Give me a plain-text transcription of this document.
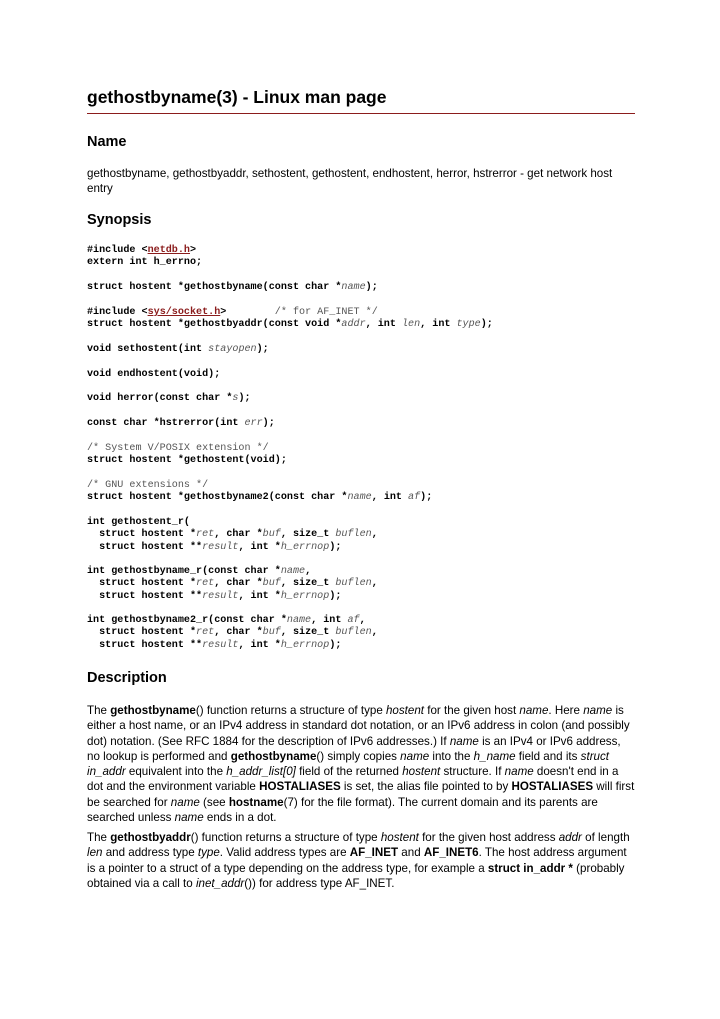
gethostbyname(3) - Linux man page
Name

gethostbyname, gethostbyaddr, sethostent, gethostent, endhostent, herror, hstrerror - get network host entry

Synopsis
#include <netdb.h>
extern int h_errno;
struct hostent *gethostbyname(const char *name);
#include <sys/socket.h>        /* for AF_INET */
struct hostent *gethostbyaddr(const void *addr, int len, int type);
void sethostent(int stayopen);
void endhostent(void);
void herror(const char *s);
const char *hstrerror(int err);
/* System V/POSIX extension */
struct hostent *gethostent(void);
/* GNU extensions */
struct hostent *gethostbyname2(const char *name, int af);
int gethostent_r(
struct hostent *ret, char *buf, size_t buflen,
struct hostent **result, int *h_errnop);
int gethostbyname_r(const char *name,
struct hostent *ret, char *buf, size_t buflen,
struct hostent **result, int *h_errnop);
int gethostbyname2_r(const char *name, int af,
struct hostent *ret, char *buf, size_t buflen,
struct hostent **result, int *h_errnop);
Description

The gethostbyname() function returns a structure of type hostent for the given host name. Here name is either a host name, or an IPv4 address in standard dot notation, or an IPv6 address in colon (and possibly dot) notation. (See RFC 1884 for the description of IPv6 addresses.) If name is an IPv4 or IPv6 address, no lookup is performed and gethostbyname() simply copies name into the h_name field and its struct in_addr equivalent into the h_addr_list[0] field of the returned hostent structure. If name doesn't end in a dot and the environment variable HOSTALIASES is set, the alias file pointed to by HOSTALIASES will first be searched for name (see hostname(7) for the file format). The current domain and its parents are searched unless name ends in a dot.

The gethostbyaddr() function returns a structure of type hostent for the given host address addr of length len and address type type. Valid address types are AF_INET and AF_INET6. The host address argument is a pointer to a struct of a type depending on the address type, for example a struct in_addr * (probably obtained via a call to inet_addr()) for address type AF_INET.
